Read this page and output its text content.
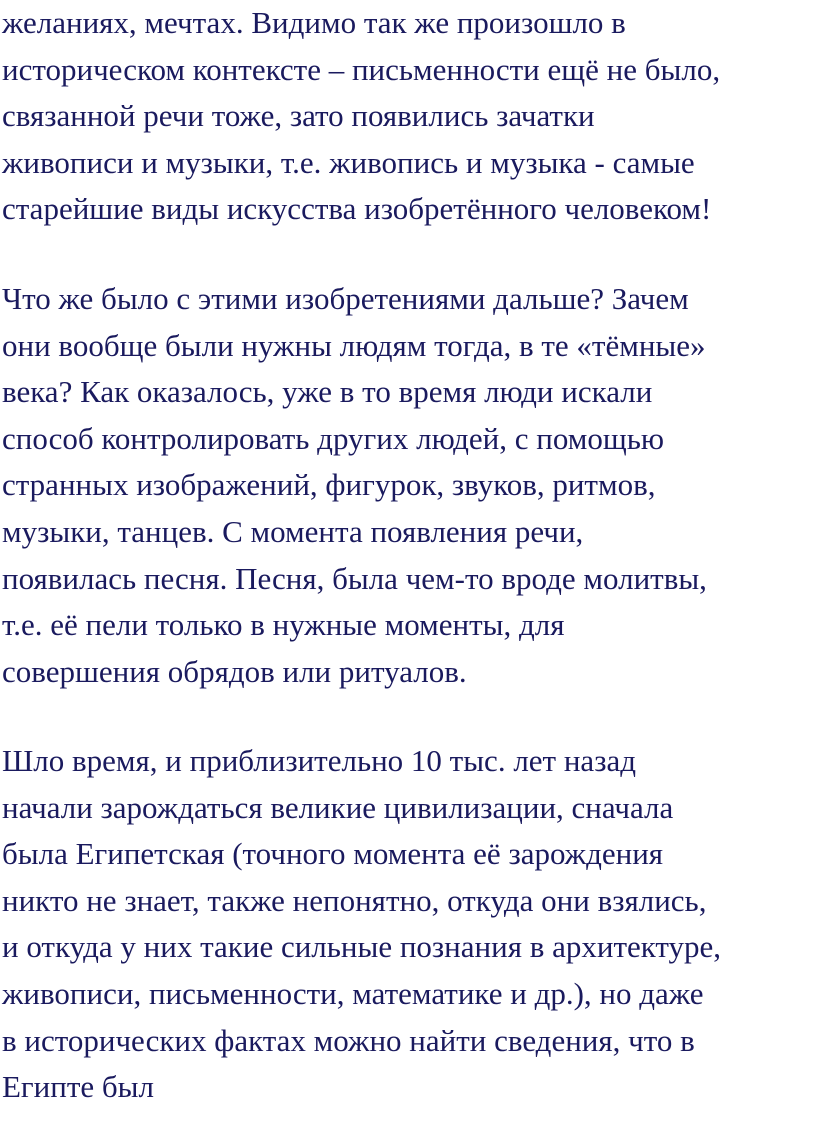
желаниях, мечтах. Видимо так же произошло в
историческом контексте – письменности ещё не было,
связанной речи тоже, зато появились зачатки
живописи и музыки, т.е. живопись и музыка - самые
старейшие виды искусства изобретённого человеком!

Что же было с этими изобретениями дальше? Зачем
они вообще были нужны людям тогда, в те «тёмные»
века? Как оказалось, уже в то время люди искали
способ контролировать других людей, с помощью
странных изображений, фигурок, звуков, ритмов,
музыки, танцев. С момента появления речи,
появилась песня. Песня, была чем-то вроде молитвы,
т.е. её пели только в нужные моменты, для
совершения обрядов или ритуалов.

Шло время, и приблизительно 10 тыс. лет назад
начали зарождаться великие цивилизации, сначала
была Египетская (точного момента её зарождения
никто не знает, также непонятно, откуда они взялись,
и откуда у них такие сильные познания в архитектуре,
живописи, письменности, математике и др.), но даже
в исторических фактах можно найти сведения, что в
Египте был
